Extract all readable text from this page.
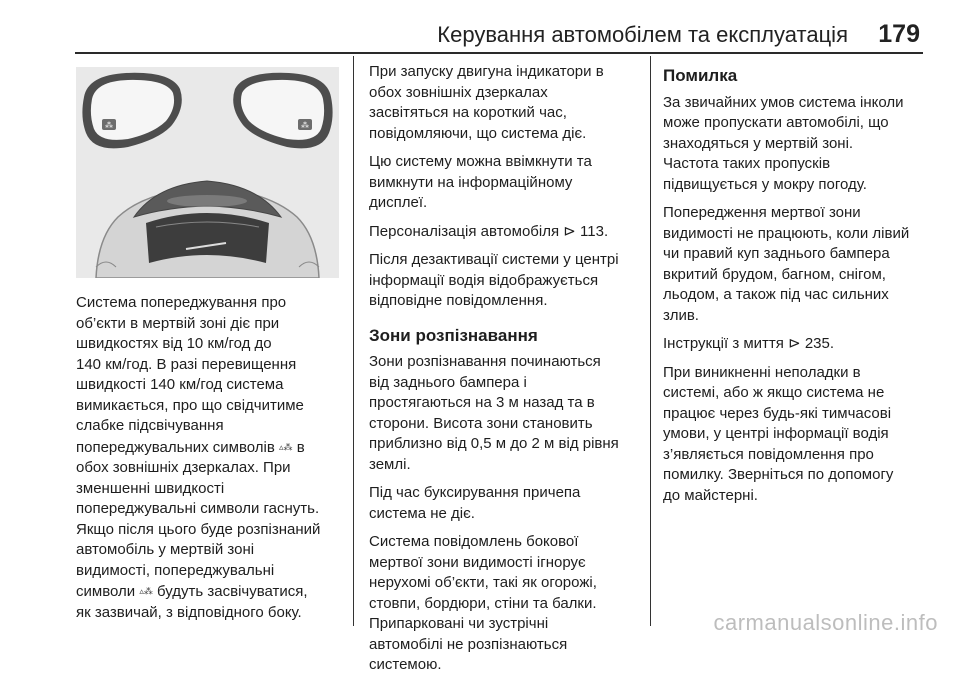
Керування автомобілем та експлуатація 179
⁂	⁂
Система попереджування про
об’єкти в мертвій зоні діє при
швидкостях від 10 км/год до
140 км/год. В разі перевищення
швидкості 140 км/год система
вимикається, про що свідчитиме
слабке підсвічування
попереджувальних символів ▵⁂ в
обох зовнішніх дзеркалах. При
зменшенні швидкості
попереджувальні символи гаснуть.
Якщо після цього буде розпізнаний
автомобіль у мертвій зоні
видимості, попереджувальні
символи ▵⁂ будуть засвічуватися,
як зазвичай, з відповідного боку.

При запуску двигуна індикатори в
обох зовнішніх дзеркалах
засвітяться на короткий час,
повідомляючи, що система діє.

Цю систему можна ввімкнути та
вимкнути на інформаційному
дисплеї.

Персоналізація автомобіля ⊳ 113.

Після дезактивації системи у центрі
інформації водія відображується
відповідне повідомлення.

Зони розпізнавання

Зони розпізнавання починаються
від заднього бампера і
простягаються на 3 м назад та в
сторони. Висота зони становить
приблизно від 0,5 м до 2 м від рівня
землі.

Під час буксирування причепа
система не діє.

Система повідомлень бокової
мертвої зони видимості ігнорує
нерухомі об’єкти, такі як огорожі,
стовпи, бордюри, стіни та балки.
Припарковані чи зустрічні
автомобілі не розпізнаються
системою.

Помилка

За звичайних умов система інколи
може пропускати автомобілі, що
знаходяться у мертвій зоні.
Частота таких пропусків
підвищується у мокру погоду.

Попередження мертвої зони
видимості не працюють, коли лівий
чи правий куп заднього бампера
вкритий брудом, багном, снігом,
льодом, а також під час сильних
злив.

Інструкції з миття ⊳ 235.

При виникненні неполадки в
системі, або ж якщо система не
працює через будь-які тимчасові
умови, у центрі інформації водія
з’являється повідомлення про
помилку. Зверніться по допомогу
до майстерні.

carmanualsonline.info
